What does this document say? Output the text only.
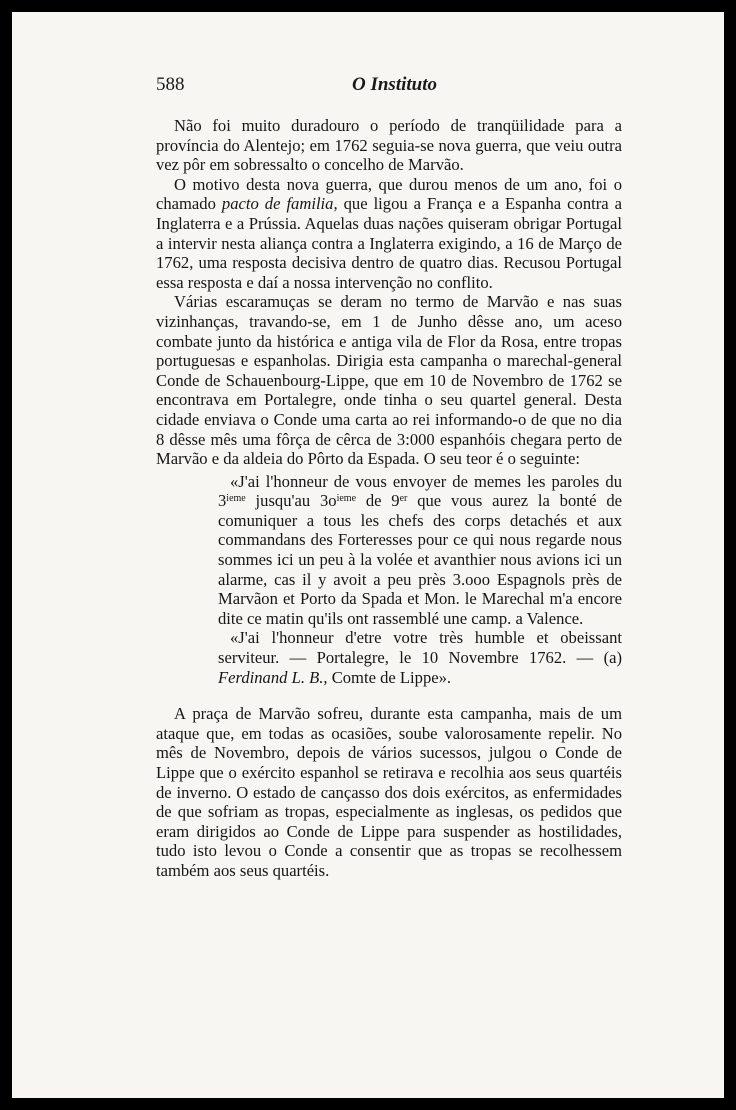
588	O Instituto

Não foi muito duradouro o período de tranqüilidade para a província do Alentejo; em 1762 seguia-se nova guerra, que veiu outra vez pôr em sobressalto o concelho de Marvão.

O motivo desta nova guerra, que durou menos de um ano, foi o chamado pacto de familia, que ligou a França e a Espanha contra a Inglaterra e a Prússia. Aquelas duas nações quiseram obrigar Portugal a intervir nesta aliança contra a Inglaterra exigindo, a 16 de Março de 1762, uma resposta decisiva dentro de quatro dias. Recusou Portugal essa resposta e daí a nossa intervenção no conflito.

Várias escaramuças se deram no termo de Marvão e nas suas vizinhanças, travando-se, em 1 de Junho dêsse ano, um aceso combate junto da histórica e antiga vila de Flor da Rosa, entre tropas portuguesas e espanholas. Dirigia esta campanha o marechal-general Conde de Schauenbourg-Lippe, que em 10 de Novembro de 1762 se encontrava em Portalegre, onde tinha o seu quartel general. Desta cidade enviava o Conde uma carta ao rei informando-o de que no dia 8 dêsse mês uma fôrça de cêrca de 3:000 espanhóis chegara perto de Marvão e da aldeia do Pôrto da Espada. O seu teor é o seguinte:

«J'ai l'honneur de vous envoyer de memes les paroles du 3ieme jusqu'au $3o^{ieme}$ de 9er que vous aurez la bonté de comuniquer a tous les chefs des corps detachés et aux commandans des Forteresses pour ce qui nous regarde nous sommes ici un peu à la volée et avanthier nous avions ici un alarme, cas il y avoit a peu près 3.ooo Espagnols près de Marvãon et Porto da Spada et Mon. le Marechal m'a encore dite ce matin qu'ils ont rassemblé une camp. a Valence.

«J'ai l'honneur d'etre votre très humble et obeissant serviteur. — Portalegre, le 10 Novembre 1762. — (a) Ferdinand L. B., Comte de Lippe».

A praça de Marvão sofreu, durante esta campanha, mais de um ataque que, em todas as ocasiões, soube valorosamente repelir. No mês de Novembro, depois de vários sucessos, julgou o Conde de Lippe que o exército espanhol se retirava e recolhia aos seus quartéis de inverno. O estado de cançasso dos dois exércitos, as enfermidades de que sofriam as tropas, especialmente as inglesas, os pedidos que eram dirigidos ao Conde de Lippe para suspender as hostilidades, tudo isto levou o Conde a consentir que as tropas se recolhessem também aos seus quartéis.
